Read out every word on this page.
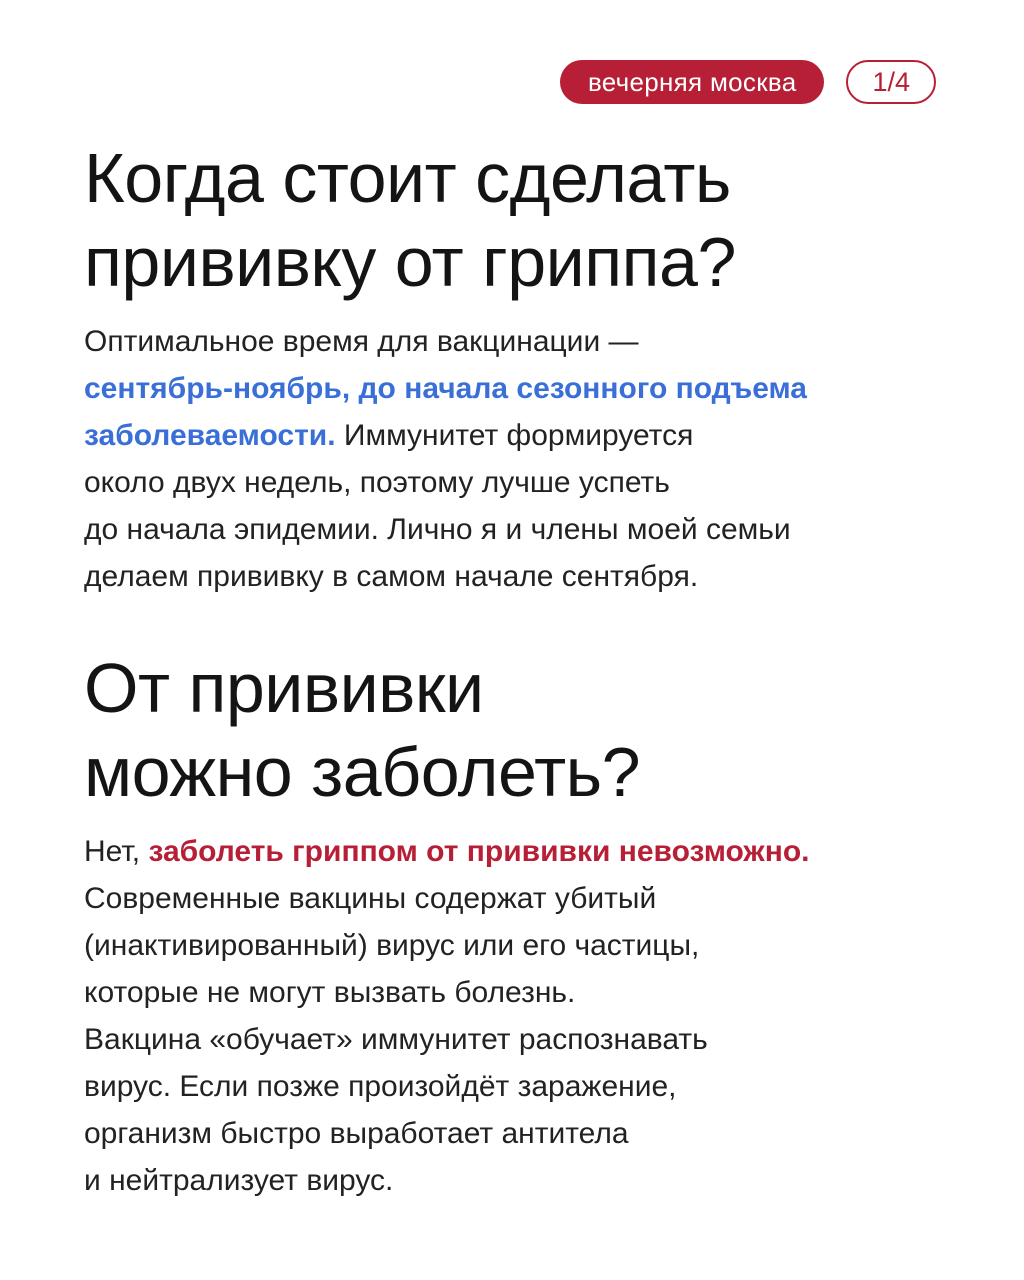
вечерняя москва	1/4
Когда стоит сделать
прививку от гриппа?
Оптимальное время для вакцинации —
сентябрь-ноябрь, до начала сезонного подъема
заболеваемости. Иммунитет формируется
около двух недель, поэтому лучше успеть
до начала эпидемии. Лично я и члены моей семьи
делаем прививку в самом начале сентября.
От прививки
можно заболеть?
Нет, заболеть гриппом от прививки невозможно.
Современные вакцины содержат убитый
(инактивированный) вирус или его частицы,
которые не могут вызвать болезнь.
Вакцина «обучает» иммунитет распознавать
вирус. Если позже произойдёт заражение,
организм быстро выработает антитела
и нейтрализует вирус.
